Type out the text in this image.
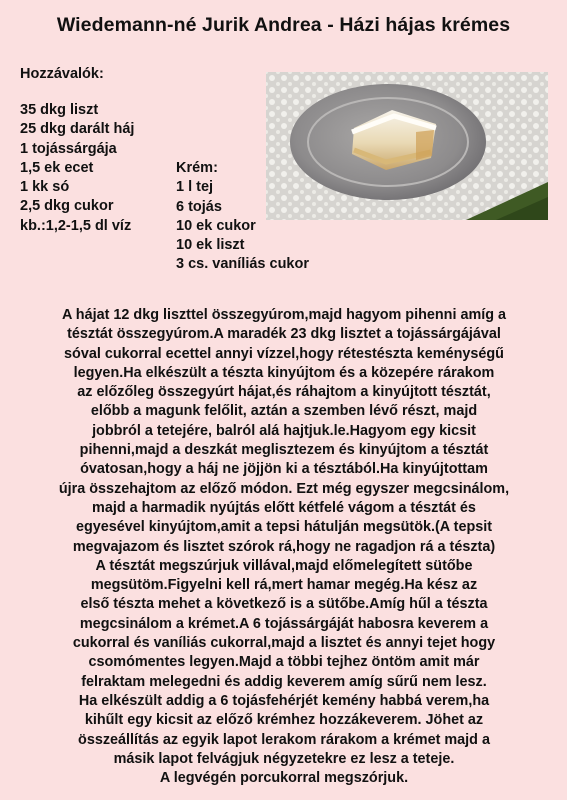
Wiedemann-né Jurik Andrea - Házi hájas krémes
Hozzávalók:
35 dkg liszt
25 dkg darált háj
1 tojássárgája
1,5 ek ecet
1 kk só
2,5 dkg cukor
kb.:1,2-1,5 dl víz
Krém:
1 l tej
6 tojás
10 ek cukor
10 ek liszt
3 cs. vaníliás cukor
A hájat 12 dkg liszttel összegyúrom,majd hagyom pihenni amíg a
tésztát összegyúrom.A maradék 23 dkg lisztet a tojássárgájával
sóval cukorral ecettel annyi vízzel,hogy rétestészta keménységű
legyen.Ha elkészült a tészta kinyújtom és a közepére rárakom
az előzőleg összegyúrt hájat,és ráhajtom a kinyújtott tésztát,
előbb a magunk felőlit, aztán a szemben lévő részt, majd
jobbról a tetejére, balról alá hajtjuk.le.Hagyom egy kicsit
pihenni,majd a deszkát meglisztezem és kinyújtom a tésztát
óvatosan,hogy a háj ne jöjjön ki a tésztából.Ha kinyújtottam
újra összehajtom az előző módon. Ezt még egyszer megcsinálom,
majd a harmadik nyújtás előtt kétfelé vágom a tésztát és
egyesével kinyújtom,amit a tepsi hátulján megsütök.(A tepsit
megvajazom és lisztet szórok rá,hogy ne ragadjon rá a tészta)
A tésztát megszúrjuk villával,majd előmelegített sütőbe
megsütöm.Figyelni kell rá,mert hamar megég.Ha kész az
első tészta mehet a következő is a sütőbe.Amíg hűl a tészta
megcsinálom a krémet.A 6 tojássárgáját habosra keverem a
cukorral és vaníliás cukorral,majd a lisztet és annyi tejet hogy
csomómentes legyen.Majd a többi tejhez öntöm amit már
felraktam melegedni és addig keverem amíg sűrű nem lesz.
Ha elkészült addig a 6 tojásfehérjét kemény habbá verem,ha
kihűlt egy kicsit az előző krémhez hozzákeverem. Jöhet az
összeállítás az egyik lapot lerakom rárakom a krémet majd a
másik lapot felvágjuk négyzetekre ez lesz a teteje.
A legvégén porcukorral megszórjuk.
